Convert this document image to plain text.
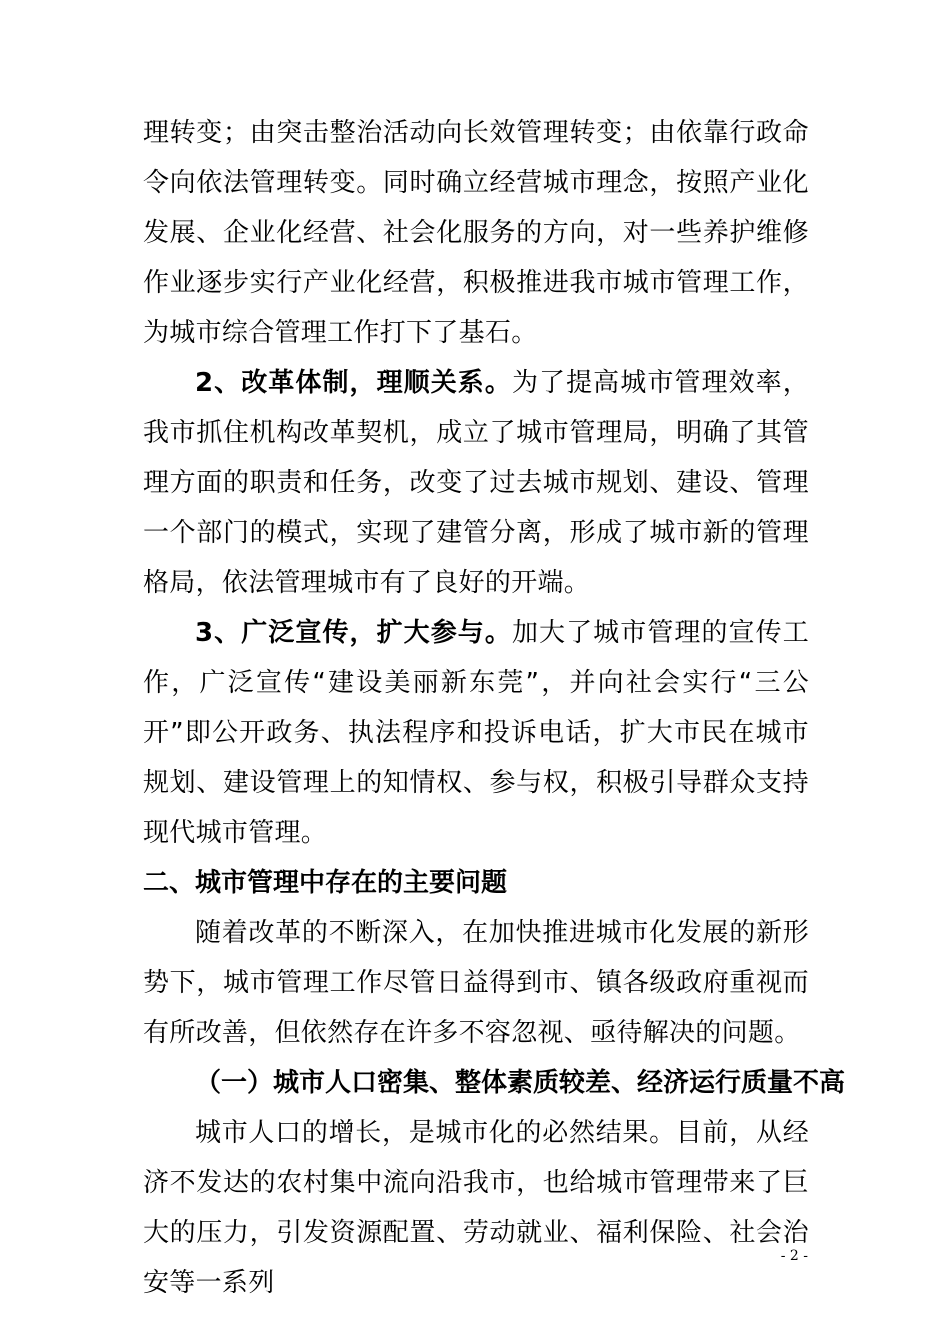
理转变；由突击整治活动向长效管理转变；由依靠行政命令向依法管理转变。同时确立经营城市理念，按照产业化发展、企业化经营、社会化服务的方向，对一些养护维修作业逐步实行产业化经营，积极推进我市城市管理工作，为城市综合管理工作打下了基石。

2、改革体制，理顺关系。为了提高城市管理效率，我市抓住机构改革契机，成立了城市管理局，明确了其管理方面的职责和任务，改变了过去城市规划、建设、管理一个部门的模式，实现了建管分离，形成了城市新的管理格局，依法管理城市有了良好的开端。

3、广泛宣传，扩大参与。加大了城市管理的宣传工作，广泛宣传“建设美丽新东莞”，并向社会实行“三公开”即公开政务、执法程序和投诉电话，扩大市民在城市规划、建设管理上的知情权、参与权，积极引导群众支持现代城市管理。

二、城市管理中存在的主要问题

随着改革的不断深入，在加快推进城市化发展的新形势下，城市管理工作尽管日益得到市、镇各级政府重视而有所改善，但依然存在许多不容忽视、亟待解决的问题。

（一）城市人口密集、整体素质较差、经济运行质量不高

城市人口的增长，是城市化的必然结果。目前，从经济不发达的农村集中流向沿我市，也给城市管理带来了巨大的压力，引发资源配置、劳动就业、福利保险、社会治安等一系列

- 2 -
